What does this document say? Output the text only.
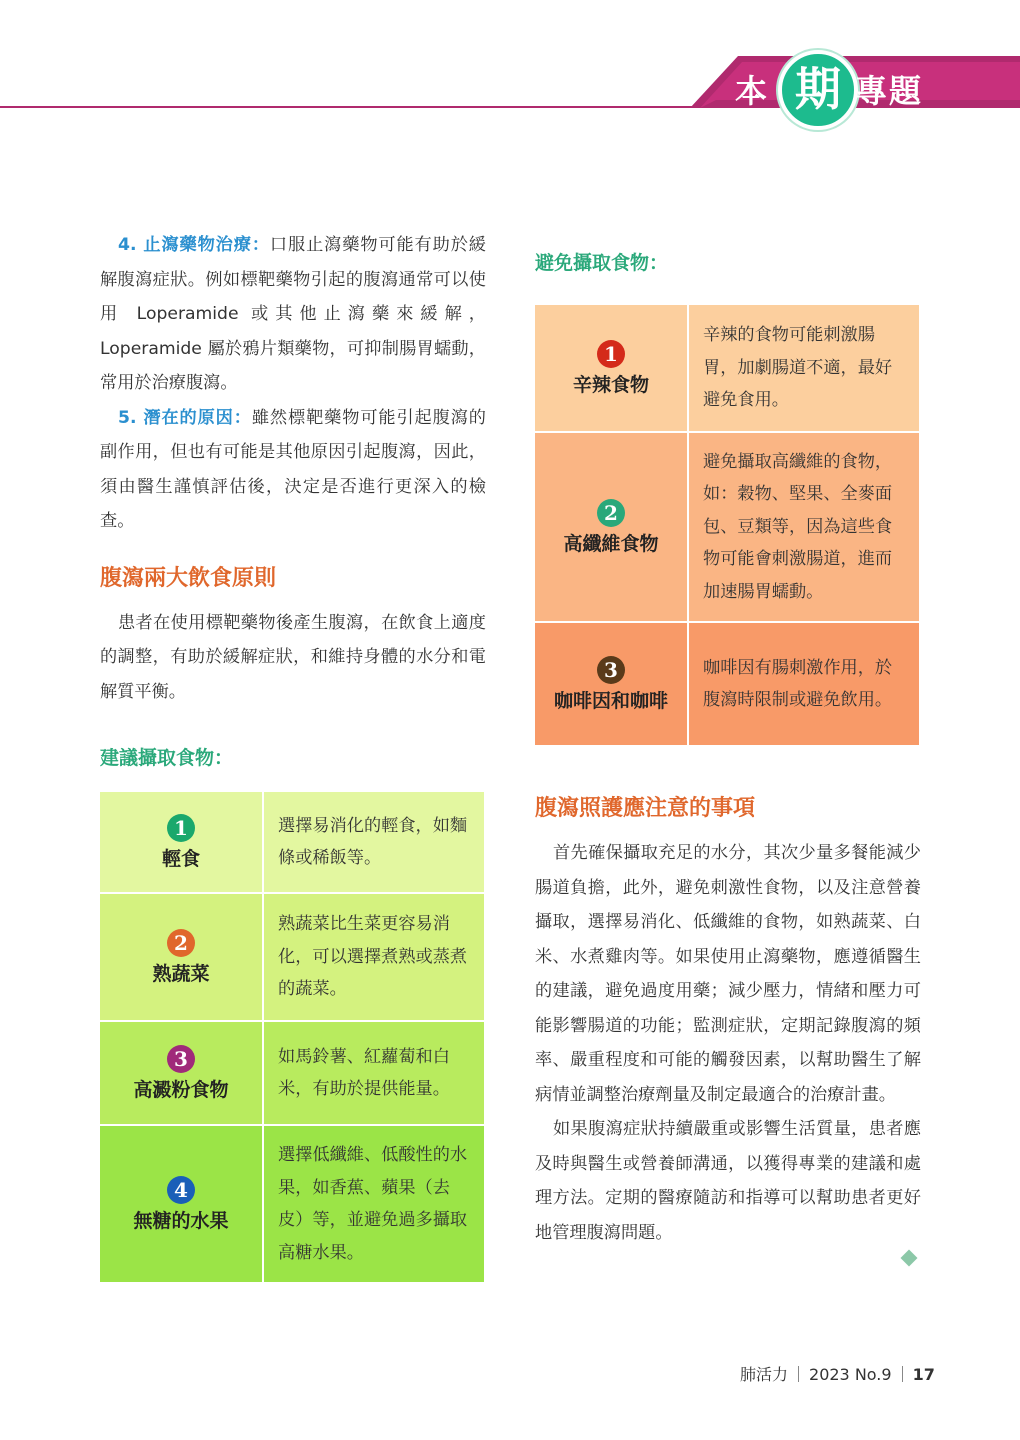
本 期 專題

4. 止瀉藥物治療：口服止瀉藥物可能有助於緩解腹瀉症狀。例如標靶藥物引起的腹瀉通常可以使用 Loperamide 或其他止瀉藥來緩解，Loperamide 屬於鴉片類藥物，可抑制腸胃蠕動，常用於治療腹瀉。

5. 潛在的原因：雖然標靶藥物可能引起腹瀉的副作用，但也有可能是其他原因引起腹瀉，因此，須由醫生謹慎評估後，決定是否進行更深入的檢查。

腹瀉兩大飲食原則

患者在使用標靶藥物後產生腹瀉，在飲食上適度的調整，有助於緩解症狀，和維持身體的水分和電解質平衡。

建議攝取食物：
1
輕食	選擇易消化的輕食，如麵條或稀飯等。
2
熟蔬菜	熟蔬菜比生菜更容易消化，可以選擇煮熟或蒸煮的蔬菜。
3
高澱粉食物	如馬鈴薯、紅蘿蔔和白米，有助於提供能量。
4
無糖的水果	選擇低纖維、低酸性的水果，如香蕉、蘋果（去皮）等，並避免過多攝取高糖水果。
避免攝取食物：
1
辛辣食物	辛辣的食物可能刺激腸胃，加劇腸道不適，最好避免食用。
2
高纖維食物	避免攝取高纖維的食物，如：穀物、堅果、全麥面包、豆類等，因為這些食物可能會刺激腸道，進而加速腸胃蠕動。
3
咖啡因和咖啡	咖啡因有腸刺激作用，於腹瀉時限制或避免飲用。
腹瀉照護應注意的事項

首先確保攝取充足的水分，其次少量多餐能減少腸道負擔，此外，避免刺激性食物，以及注意營養攝取，選擇易消化、低纖維的食物，如熟蔬菜、白米、水煮雞肉等。如果使用止瀉藥物，應遵循醫生的建議，避免過度用藥；減少壓力，情緒和壓力可能影響腸道的功能；監測症狀，定期記錄腹瀉的頻率、嚴重程度和可能的觸發因素，以幫助醫生了解病情並調整治療劑量及制定最適合的治療計畫。

如果腹瀉症狀持續嚴重或影響生活質量，患者應及時與醫生或營養師溝通，以獲得專業的建議和處理方法。定期的醫療隨訪和指導可以幫助患者更好地管理腹瀉問題。

肺活力 2023 No.9 17
